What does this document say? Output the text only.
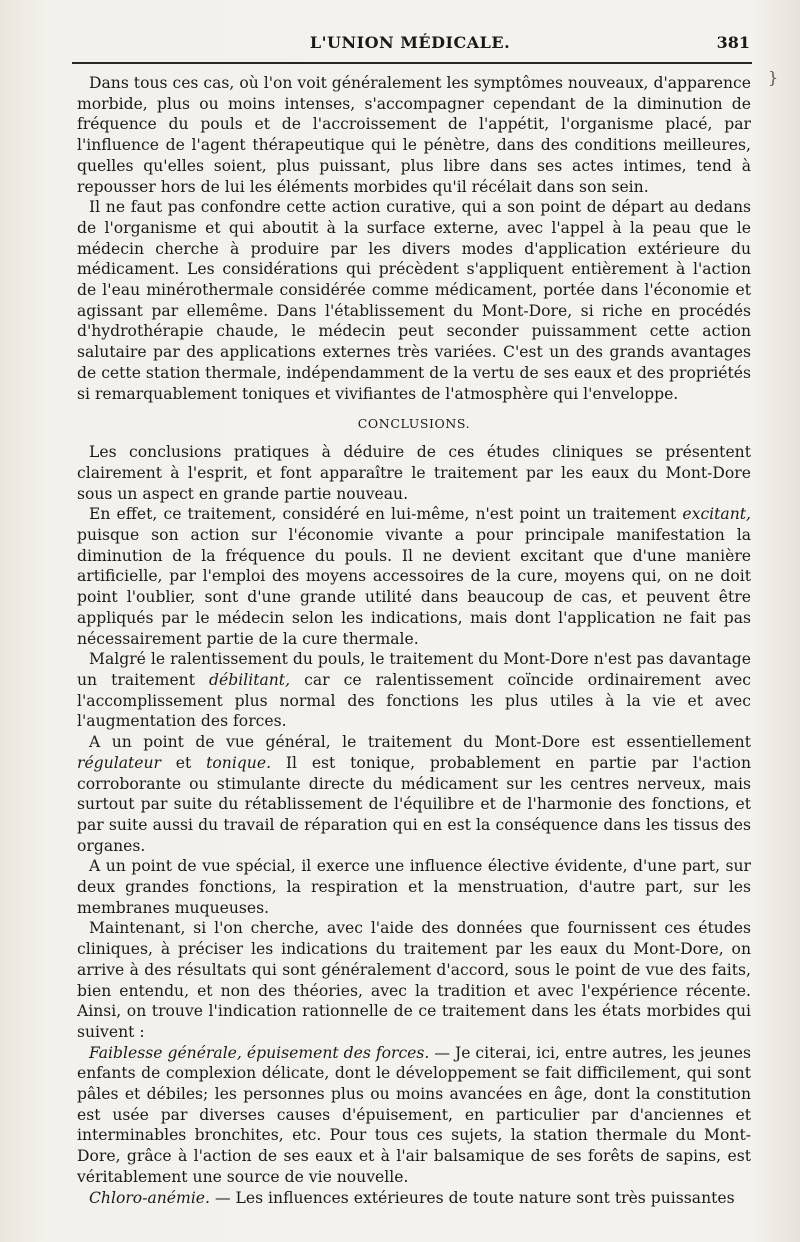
L'UNION MÉDICALE.	381
}

Dans tous ces cas, où l'on voit généralement les symptômes nouveaux, d'apparence morbide, plus ou moins intenses, s'accompagner cependant de la diminution de fréquence du pouls et de l'accroissement de l'appétit, l'organisme placé, par l'influence de l'agent thérapeutique qui le pénètre, dans des conditions meilleures, quelles qu'elles soient, plus puissant, plus libre dans ses actes intimes, tend à repousser hors de lui les éléments morbides qu'il récélait dans son sein.

Il ne faut pas confondre cette action curative, qui a son point de départ au dedans de l'organisme et qui aboutit à la surface externe, avec l'appel à la peau que le médecin cherche à produire par les divers modes d'application extérieure du médicament. Les considérations qui précèdent s'appliquent entièrement à l'action de l'eau minérothermale considérée comme médicament, portée dans l'économie et agissant par ellemême. Dans l'établissement du Mont-Dore, si riche en procédés d'hydrothérapie chaude, le médecin peut seconder puissamment cette action salutaire par des applications externes très variées. C'est un des grands avantages de cette station thermale, indépendamment de la vertu de ses eaux et des propriétés si remarquablement toniques et vivifiantes de l'atmosphère qui l'enveloppe.

CONCLUSIONS.

Les conclusions pratiques à déduire de ces études cliniques se présentent clairement à l'esprit, et font apparaître le traitement par les eaux du Mont-Dore sous un aspect en grande partie nouveau.

En effet, ce traitement, considéré en lui-même, n'est point un traitement excitant, puisque son action sur l'économie vivante a pour principale manifestation la diminution de la fréquence du pouls. Il ne devient excitant que d'une manière artificielle, par l'emploi des moyens accessoires de la cure, moyens qui, on ne doit point l'oublier, sont d'une grande utilité dans beaucoup de cas, et peuvent être appliqués par le médecin selon les indications, mais dont l'application ne fait pas nécessairement partie de la cure thermale.

Malgré le ralentissement du pouls, le traitement du Mont-Dore n'est pas davantage un traitement débilitant, car ce ralentissement coïncide ordinairement avec l'accomplissement plus normal des fonctions les plus utiles à la vie et avec l'augmentation des forces.

A un point de vue général, le traitement du Mont-Dore est essentiellement régulateur et tonique. Il est tonique, probablement en partie par l'action corroborante ou stimulante directe du médicament sur les centres nerveux, mais surtout par suite du rétablissement de l'équilibre et de l'harmonie des fonctions, et par suite aussi du travail de réparation qui en est la conséquence dans les tissus des organes.

A un point de vue spécial, il exerce une influence élective évidente, d'une part, sur deux grandes fonctions, la respiration et la menstruation, d'autre part, sur les membranes muqueuses.

Maintenant, si l'on cherche, avec l'aide des données que fournissent ces études cliniques, à préciser les indications du traitement par les eaux du Mont-Dore, on arrive à des résultats qui sont généralement d'accord, sous le point de vue des faits, bien entendu, et non des théories, avec la tradition et avec l'expérience récente. Ainsi, on trouve l'indication rationnelle de ce traitement dans les états morbides qui suivent :

Faiblesse générale, épuisement des forces. — Je citerai, ici, entre autres, les jeunes enfants de complexion délicate, dont le développement se fait difficilement, qui sont pâles et débiles; les personnes plus ou moins avancées en âge, dont la constitution est usée par diverses causes d'épuisement, en particulier par d'anciennes et interminables bronchites, etc. Pour tous ces sujets, la station thermale du Mont-Dore, grâce à l'action de ses eaux et à l'air balsamique de ses forêts de sapins, est véritablement une source de vie nouvelle.

Chloro-anémie. — Les influences extérieures de toute nature sont très puissantes
